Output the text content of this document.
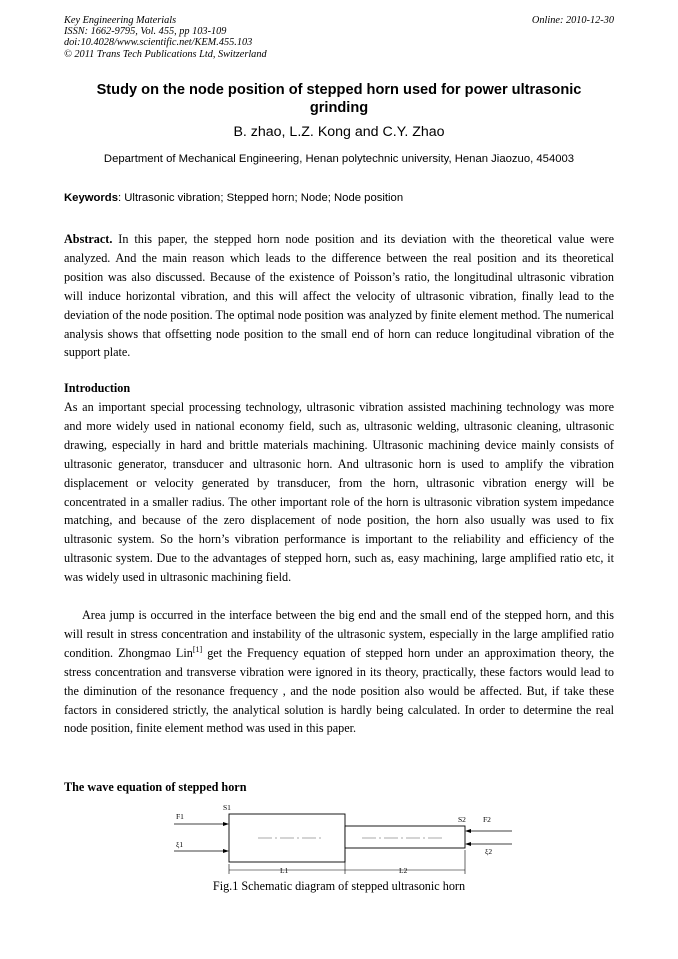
Key Engineering Materials
ISSN: 1662-9795, Vol. 455, pp 103-109
doi:10.4028/www.scientific.net/KEM.455.103
© 2011 Trans Tech Publications Ltd, Switzerland
Online: 2010-12-30
Study on the node position of stepped horn used for power ultrasonic
grinding
B. zhao, L.Z. Kong and C.Y. Zhao
Department of Mechanical Engineering, Henan polytechnic university, Henan Jiaozuo, 454003
Keywords: Ultrasonic vibration; Stepped horn; Node; Node position
Abstract. In this paper, the stepped horn node position and its deviation with the theoretical value were analyzed. And the main reason which leads to the difference between the real position and its theoretical position was also discussed. Because of the existence of Poisson’s ratio, the longitudinal ultrasonic vibration will induce horizontal vibration, and this will affect the velocity of ultrasonic vibration, finally lead to the deviation of the node position. The optimal node position was analyzed by finite element method. The numerical analysis shows that offsetting node position to the small end of horn can reduce longitudinal vibration of the support plate.
Introduction
As an important special processing technology, ultrasonic vibration assisted machining technology was more and more widely used in national economy field, such as, ultrasonic welding, ultrasonic cleaning, ultrasonic drawing, especially in hard and brittle materials machining. Ultrasonic machining device mainly consists of ultrasonic generator, transducer and ultrasonic horn. And ultrasonic horn is used to amplify the vibration displacement or velocity generated by transducer, from the horn, ultrasonic vibration energy will be concentrated in a smaller radius. The other important role of the horn is ultrasonic vibration system impedance matching, and because of the zero displacement of node position, the horn also usually was used to fix ultrasonic system. So the horn’s vibration performance is important to the reliability and efficiency of the ultrasonic system. Due to the advantages of stepped horn, such as, easy machining, large amplified ratio etc, it was widely used in ultrasonic machining field.
Area jump is occurred in the interface between the big end and the small end of the stepped horn, and this will result in stress concentration and instability of the ultrasonic system, especially in the large amplified ratio condition. Zhongmao Lin[1] get the Frequency equation of stepped horn under an approximation theory, the stress concentration and transverse vibration were ignored in its theory, practically, these factors would lead to the diminution of the resonance frequency , and the node position also would be affected. But, if take these factors in considered strictly, the analytical solution is hardly being calculated. In order to determine the real node position, finite element method was used in this paper.
The wave equation of stepped horn
F1
S1
ξ1
S2 F2
ξ2
L1	L2
Fig.1 Schematic diagram of stepped ultrasonic horn
